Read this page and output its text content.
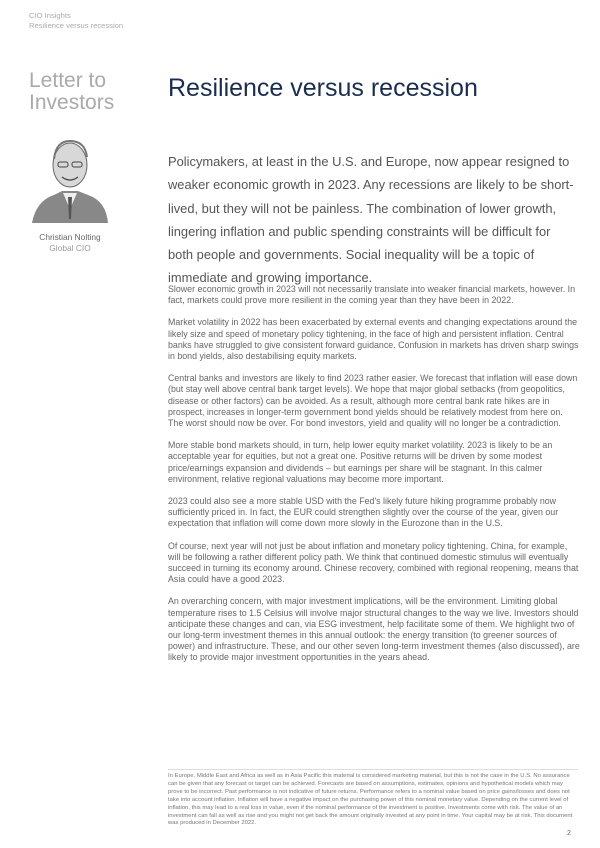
CIO Insights
Resilience versus recession
Letter to
Investors
Christian Nolting
Global CIO
Resilience versus recession
Policymakers, at least in the U.S. and Europe, now appear resigned to weaker economic growth in 2023. Any recessions are likely to be short-lived, but they will not be painless. The combination of lower growth, lingering inflation and public spending constraints will be difficult for both people and governments. Social inequality will be a topic of immediate and growing importance.

Slower economic growth in 2023 will not necessarily translate into weaker financial markets, however. In fact, markets could prove more resilient in the coming year than they have been in 2022.

Market volatility in 2022 has been exacerbated by external events and changing expectations around the likely size and speed of monetary policy tightening, in the face of high and persistent inflation. Central banks have struggled to give consistent forward guidance. Confusion in markets has driven sharp swings in bond yields, also destabilising equity markets.

Central banks and investors are likely to find 2023 rather easier. We forecast that inflation will ease down (but stay well above central bank target levels). We hope that major global setbacks (from geopolitics, disease or other factors) can be avoided. As a result, although more central bank rate hikes are in prospect, increases in longer-term government bond yields should be relatively modest from here on. The worst should now be over. For bond investors, yield and quality will no longer be a contradiction.

More stable bond markets should, in turn, help lower equity market volatility. 2023 is likely to be an acceptable year for equities, but not a great one. Positive returns will be driven by some modest price/earnings expansion and dividends – but earnings per share will be stagnant. In this calmer environment, relative regional valuations may become more important.

2023 could also see a more stable USD with the Fed's likely future hiking programme probably now sufficiently priced in. In fact, the EUR could strengthen slightly over the course of the year, given our expectation that inflation will come down more slowly in the Eurozone than in the U.S.

Of course, next year will not just be about inflation and monetary policy tightening. China, for example, will be following a rather different policy path. We think that continued domestic stimulus will eventually succeed in turning its economy around. Chinese recovery, combined with regional reopening, means that Asia could have a good 2023.

An overarching concern, with major investment implications, will be the environment. Limiting global temperature rises to 1.5 Celsius will involve major structural changes to the way we live. Investors should anticipate these changes and can, via ESG investment, help facilitate some of them. We highlight two of our long-term investment themes in this annual outlook: the energy transition (to greener sources of power) and infrastructure. These, and our other seven long-term investment themes (also discussed), are likely to provide major investment opportunities in the years ahead.

In Europe, Middle East and Africa as well as in Asia Pacific this material is considered marketing material, but this is not the case in the U.S. No assurance can be given that any forecast or target can be achieved. Forecasts are based on assumptions, estimates, opinions and hypothetical models which may prove to be incorrect. Past performance is not indicative of future returns. Performance refers to a nominal value based on price gains/losses and does not take into account inflation. Inflation will have a negative impact on the purchasing power of this nominal monetary value. Depending on the current level of inflation, this may lead to a real loss in value, even if the nominal performance of the investment is positive. Investments come with risk. The value of an investment can fall as well as rise and you might not get back the amount originally invested at any point in time. Your capital may be at risk. This document was produced in December 2022.
2
